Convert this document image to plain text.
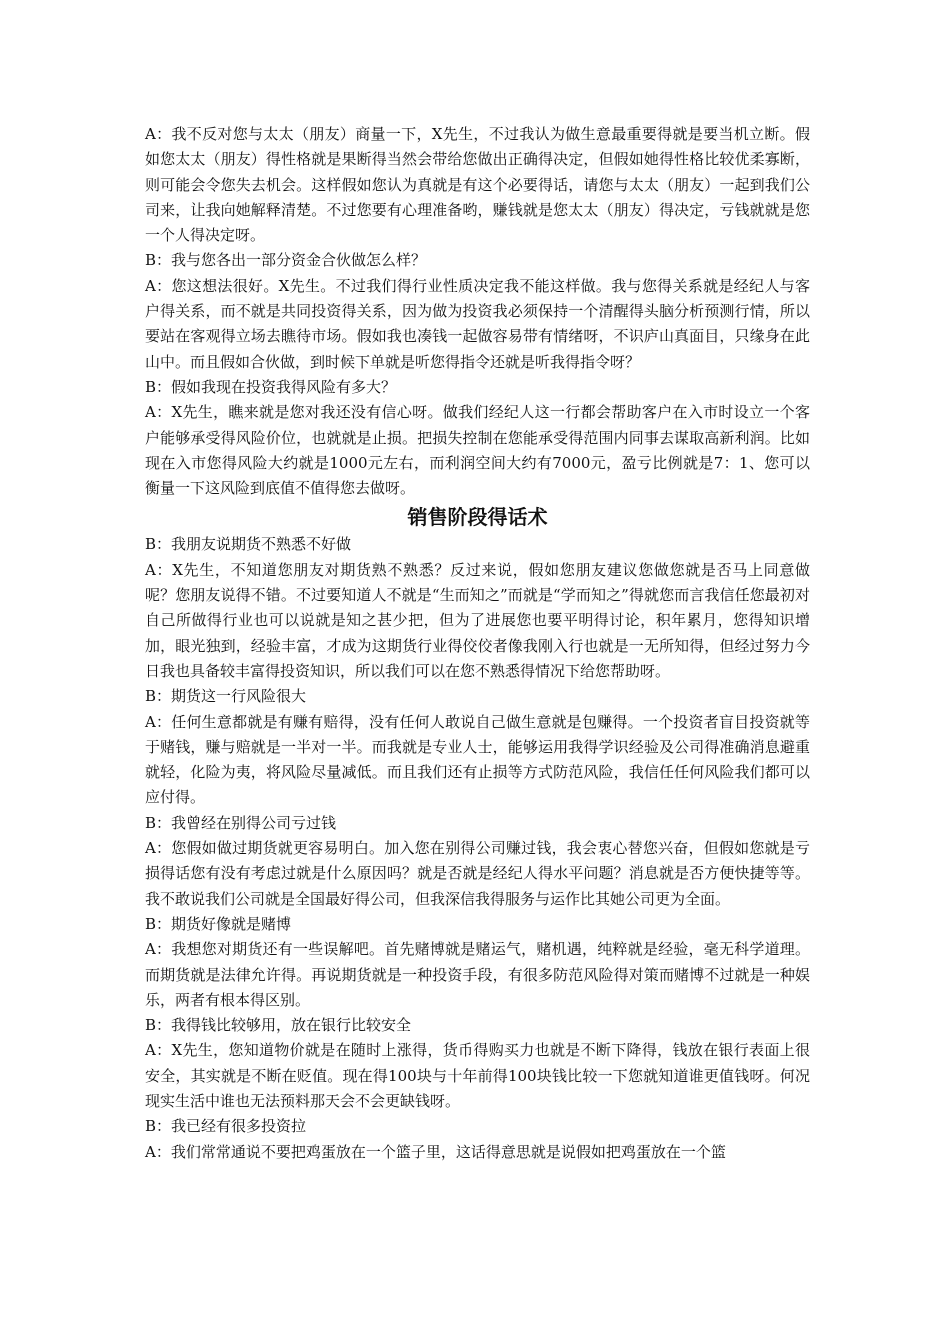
A：我不反对您与太太（朋友）商量一下，X先生，不过我认为做生意最重要得就是要当机立断。假如您太太（朋友）得性格就是果断得当然会带给您做出正确得决定，但假如她得性格比较优柔寡断，则可能会令您失去机会。这样假如您认为真就是有这个必要得话，请您与太太（朋友）一起到我们公司来，让我向她解释清楚。不过您要有心理准备哟，赚钱就是您太太（朋友）得决定，亏钱就就是您一个人得决定呀。

B：我与您各出一部分资金合伙做怎么样？

A：您这想法很好。X先生。不过我们得行业性质决定我不能这样做。我与您得关系就是经纪人与客户得关系，而不就是共同投资得关系，因为做为投资我必须保持一个清醒得头脑分析预测行情，所以要站在客观得立场去瞧待市场。假如我也凑钱一起做容易带有情绪呀，不识庐山真面目，只缘身在此山中。而且假如合伙做，到时候下单就是听您得指令还就是听我得指令呀？

B：假如我现在投资我得风险有多大？

A：X先生，瞧来就是您对我还没有信心呀。做我们经纪人这一行都会帮助客户在入市时设立一个客户能够承受得风险价位，也就就是止损。把损失控制在您能承受得范围内同事去谋取高新利润。比如现在入市您得风险大约就是1000元左右，而利润空间大约有7000元，盈亏比例就是7：1、您可以衡量一下这风险到底值不值得您去做呀。

销售阶段得话术

B：我朋友说期货不熟悉不好做

A：X先生，不知道您朋友对期货熟不熟悉？反过来说，假如您朋友建议您做您就是否马上同意做呢？您朋友说得不错。不过要知道人不就是“生而知之”而就是“学而知之”得就您而言我信任您最初对自己所做得行业也可以说就是知之甚少把，但为了进展您也要平明得讨论，积年累月，您得知识增加，眼光独到，经验丰富，才成为这期货行业得佼佼者像我刚入行也就是一无所知得，但经过努力今日我也具备较丰富得投资知识，所以我们可以在您不熟悉得情况下给您帮助呀。

B：期货这一行风险很大

A：任何生意都就是有赚有赔得，没有任何人敢说自己做生意就是包赚得。一个投资者盲目投资就等于赌钱，赚与赔就是一半对一半。而我就是专业人士，能够运用我得学识经验及公司得准确消息避重就轻，化险为夷，将风险尽量减低。而且我们还有止损等方式防范风险，我信任任何风险我们都可以应付得。

B：我曾经在别得公司亏过钱

A：您假如做过期货就更容易明白。加入您在别得公司赚过钱，我会衷心替您兴奋，但假如您就是亏损得话您有没有考虑过就是什么原因吗？就是否就是经纪人得水平问题？消息就是否方便快捷等等。我不敢说我们公司就是全国最好得公司，但我深信我得服务与运作比其她公司更为全面。

B：期货好像就是赌博

A：我想您对期货还有一些误解吧。首先赌博就是赌运气，赌机遇，纯粹就是经验，毫无科学道理。而期货就是法律允许得。再说期货就是一种投资手段，有很多防范风险得对策而赌博不过就是一种娱乐，两者有根本得区别。

B：我得钱比较够用，放在银行比较安全

A：X先生，您知道物价就是在随时上涨得，货币得购买力也就是不断下降得，钱放在银行表面上很安全，其实就是不断在贬值。现在得100块与十年前得100块钱比较一下您就知道谁更值钱呀。何况现实生活中谁也无法预料那天会不会更缺钱呀。

B：我已经有很多投资拉

A：我们常常通说不要把鸡蛋放在一个篮子里，这话得意思就是说假如把鸡蛋放在一个篮
